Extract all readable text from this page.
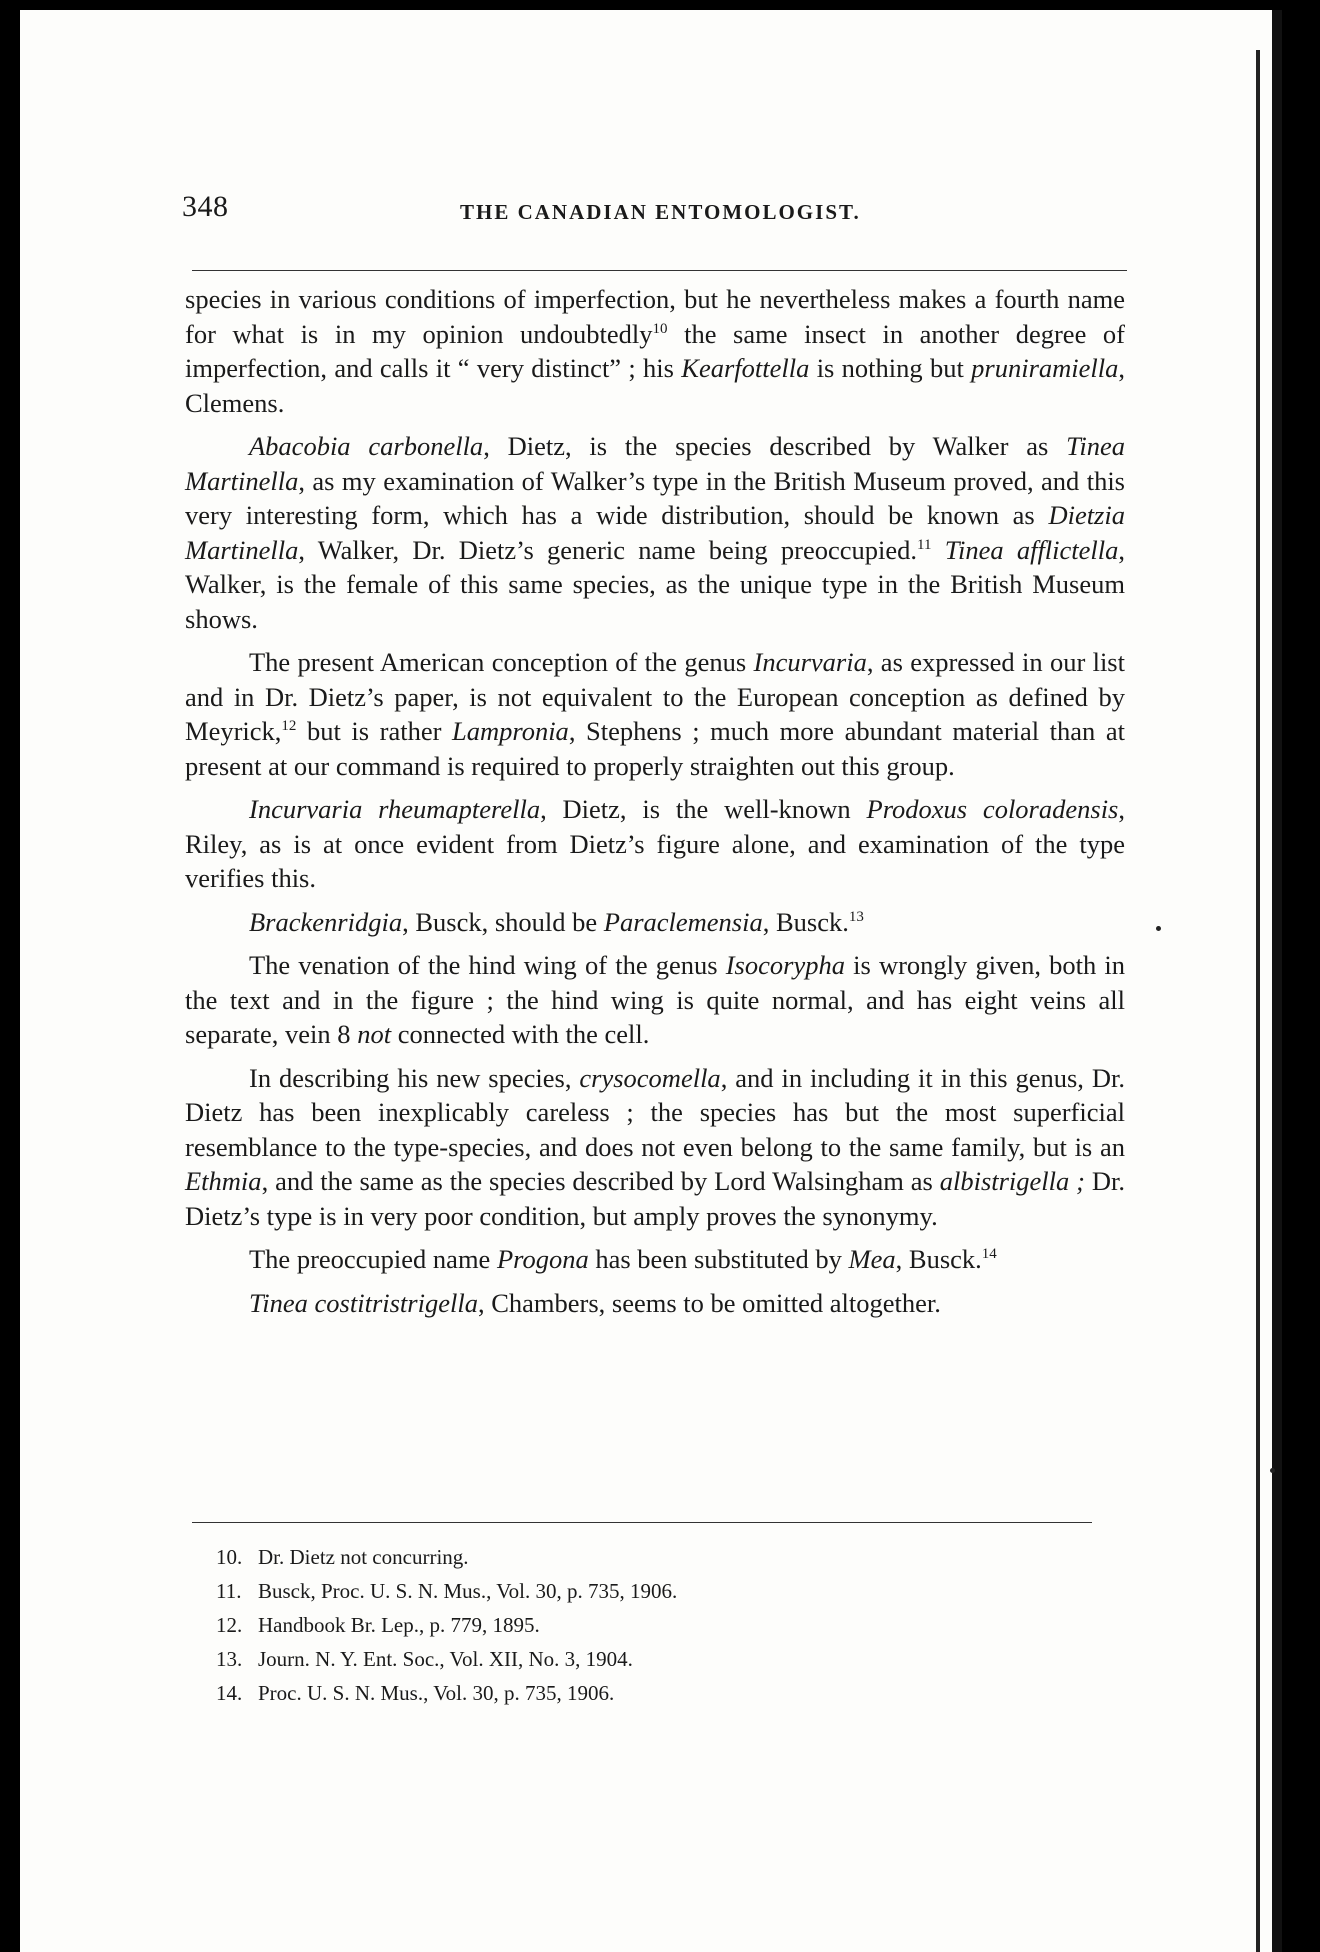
348	THE CANADIAN ENTOMOLOGIST.

species in various conditions of imperfection, but he nevertheless makes a fourth name for what is in my opinion undoubtedly$^{10}$ the same insect in another degree of imperfection, and calls it “ very distinct” ; his Kearfottella is nothing but pruniramiella, Clemens.

Abacobia carbonella, Dietz, is the species described by Walker as Tinea Martinella, as my examination of Walker’s type in the British Museum proved, and this very interesting form, which has a wide distribution, should be known as Dietzia Martinella, Walker, Dr. Dietz’s generic name being preoccupied.$^{11}$ Tinea afflictella, Walker, is the female of this same species, as the unique type in the British Museum shows.

The present American conception of the genus Incurvaria, as expressed in our list and in Dr. Dietz’s paper, is not equivalent to the European conception as defined by Meyrick,$^{12}$ but is rather Lampronia, Stephens ; much more abundant material than at present at our command is required to properly straighten out this group.

Incurvaria rheumapterella, Dietz, is the well-known Prodoxus coloradensis, Riley, as is at once evident from Dietz’s figure alone, and examination of the type verifies this.

Brackenridgia, Busck, should be Paraclemensia, Busck.$^{13}$

The venation of the hind wing of the genus Isocorypha is wrongly given, both in the text and in the figure ; the hind wing is quite normal, and has eight veins all separate, vein 8 not connected with the cell.

In describing his new species, crysocomella, and in including it in this genus, Dr. Dietz has been inexplicably careless ; the species has but the most superficial resemblance to the type-species, and does not even belong to the same family, but is an Ethmia, and the same as the species described by Lord Walsingham as albistrigella ; Dr. Dietz’s type is in very poor condition, but amply proves the synonymy.

The preoccupied name Progona has been substituted by Mea, Busck.$^{14}$

Tinea costitristrigella, Chambers, seems to be omitted altogether.

10. Dr. Dietz not concurring.
11. Busck, Proc. U. S. N. Mus., Vol. 30, p. 735, 1906.
12. Handbook Br. Lep., p. 779, 1895.
13. Journ. N. Y. Ent. Soc., Vol. XII, No. 3, 1904.
14. Proc. U. S. N. Mus., Vol. 30, p. 735, 1906.
